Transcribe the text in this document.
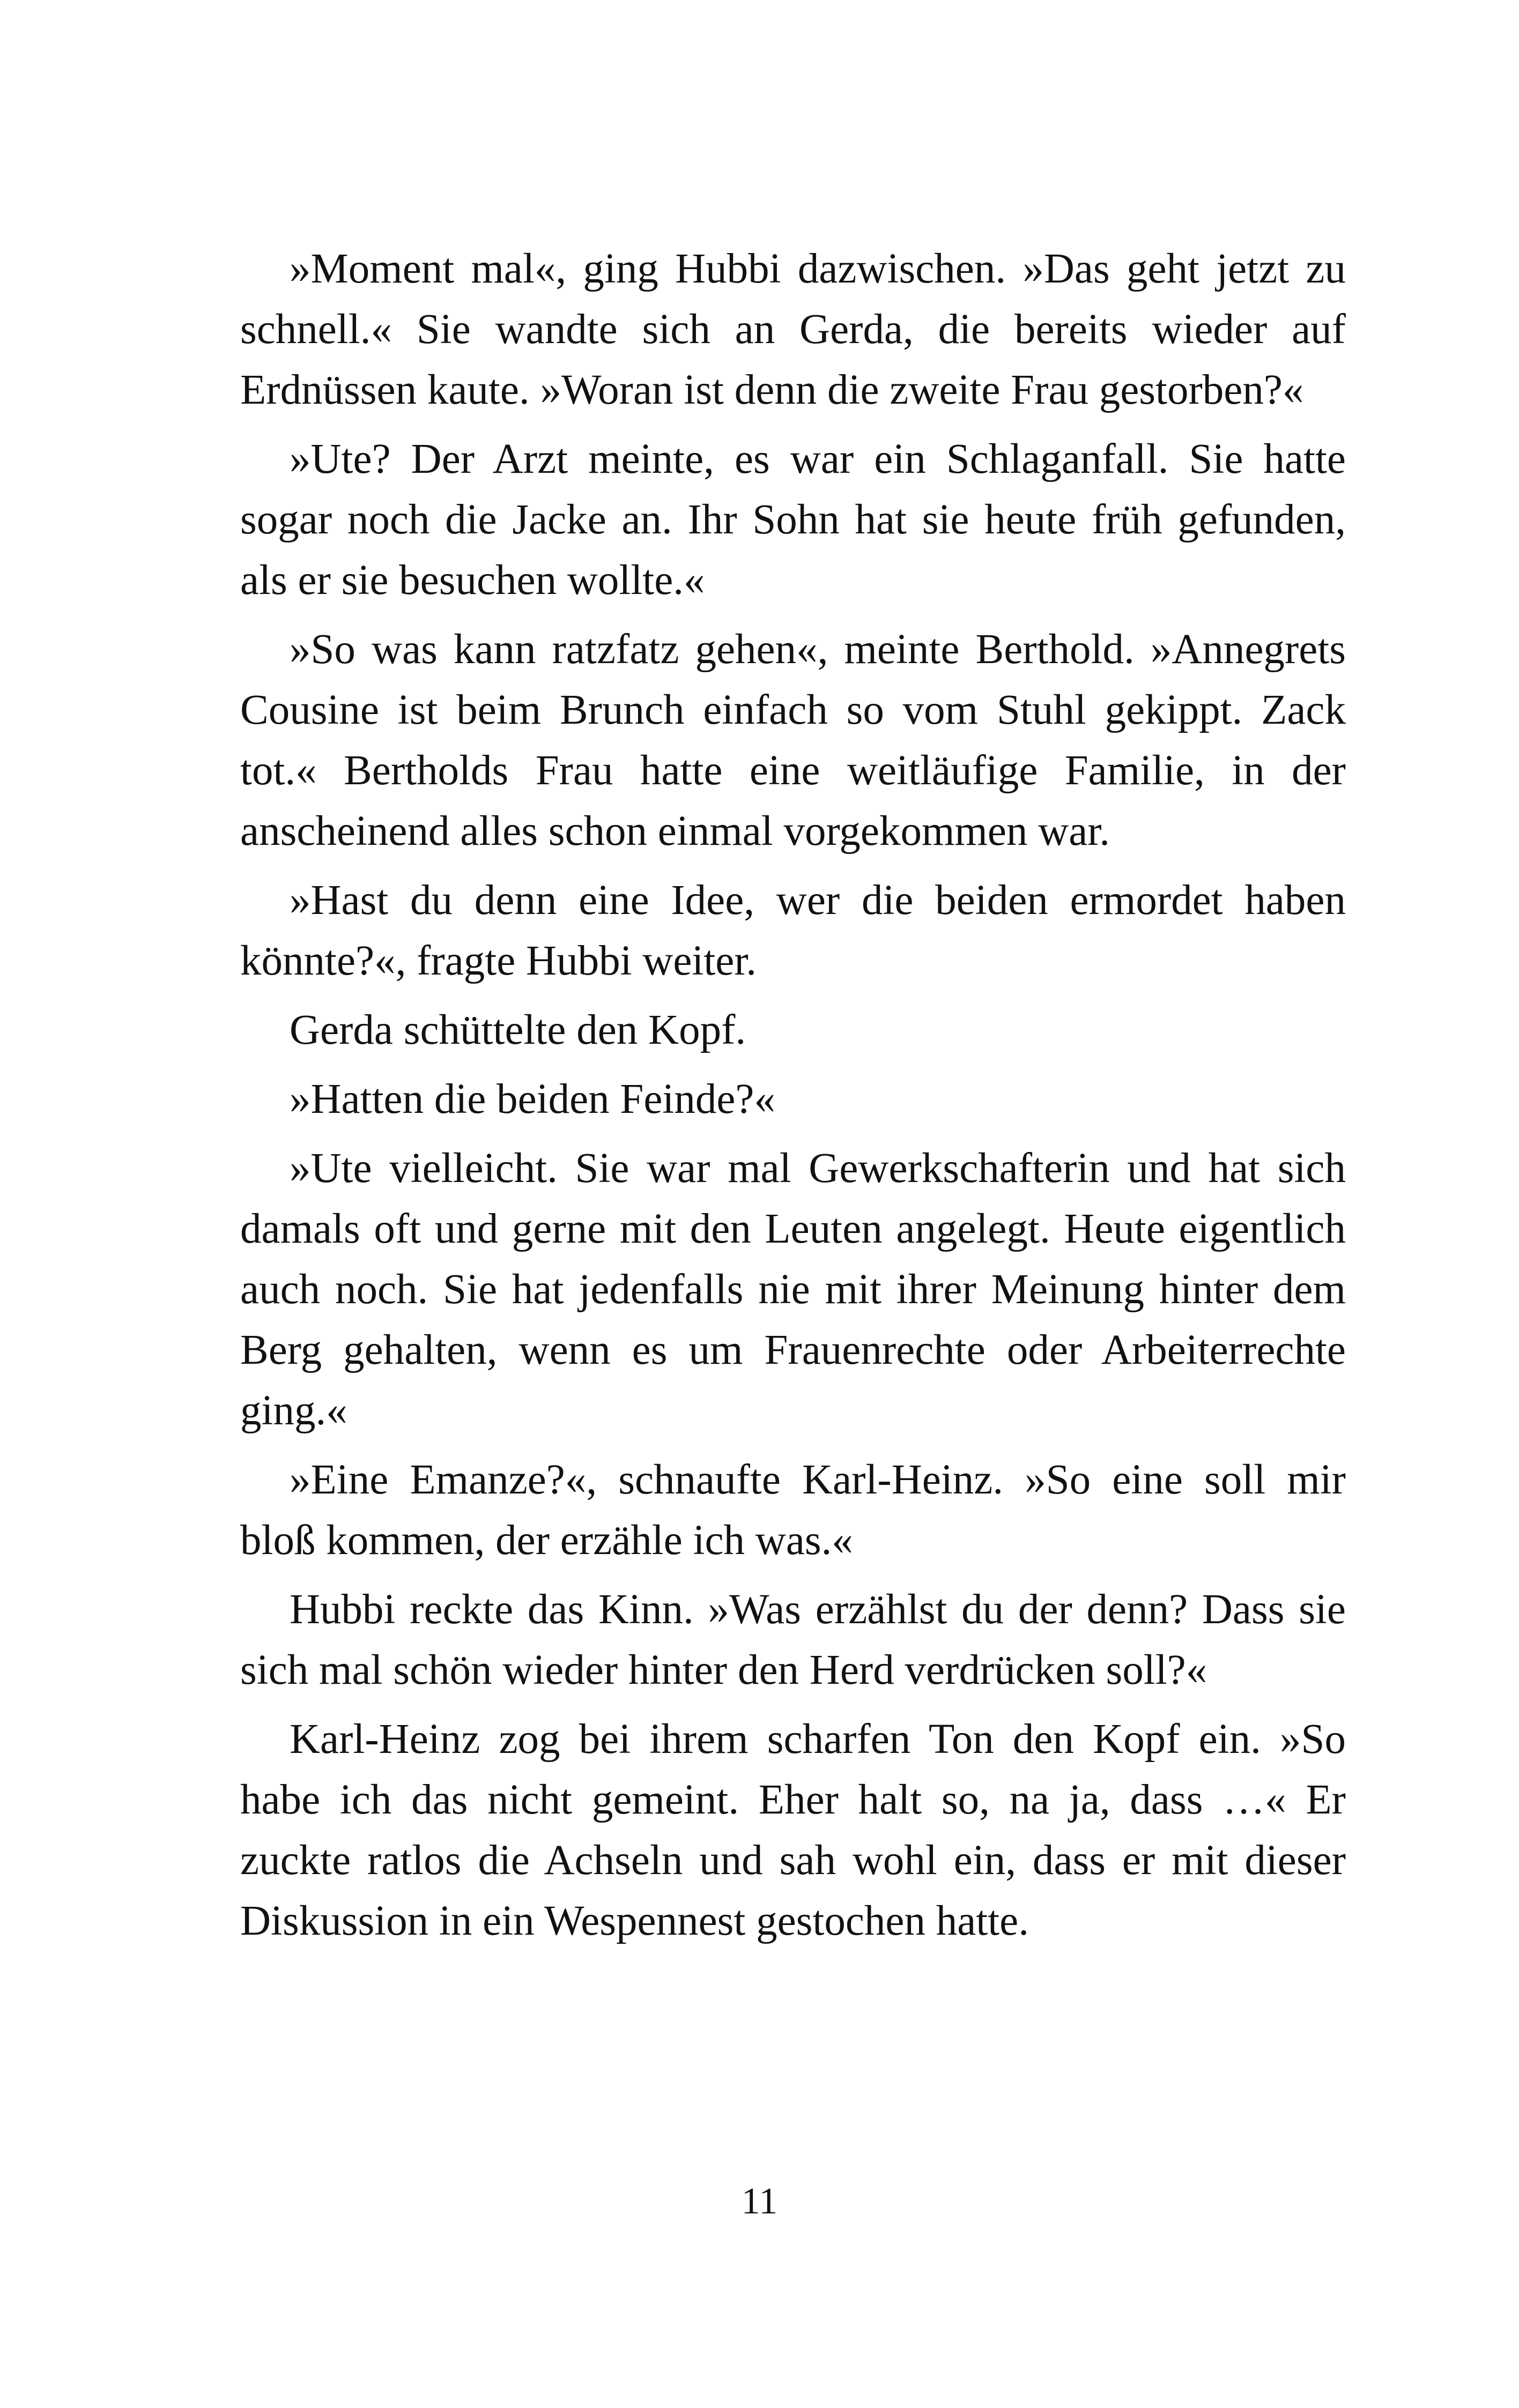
»Moment mal«, ging Hubbi dazwischen. »Das geht jetzt zu schnell.« Sie wandte sich an Gerda, die bereits wieder auf Erdnüssen kaute. »Woran ist denn die zweite Frau gestorben?«

»Ute? Der Arzt meinte, es war ein Schlaganfall. Sie hatte sogar noch die Jacke an. Ihr Sohn hat sie heute früh gefunden, als er sie besuchen wollte.«

»So was kann ratzfatz gehen«, meinte Berthold. »Annegrets Cousine ist beim Brunch einfach so vom Stuhl gekippt. Zack tot.« Bertholds Frau hatte eine weitläufige Familie, in der anscheinend alles schon einmal vorgekommen war.

»Hast du denn eine Idee, wer die beiden ermordet haben könnte?«, fragte Hubbi weiter.

Gerda schüttelte den Kopf.

»Hatten die beiden Feinde?«

»Ute vielleicht. Sie war mal Gewerkschafterin und hat sich damals oft und gerne mit den Leuten angelegt. Heute eigentlich auch noch. Sie hat jedenfalls nie mit ihrer Meinung hinter dem Berg gehalten, wenn es um Frauenrechte oder Arbeiterrechte ging.«

»Eine Emanze?«, schnaufte Karl-Heinz. »So eine soll mir bloß kommen, der erzähle ich was.«

Hubbi reckte das Kinn. »Was erzählst du der denn? Dass sie sich mal schön wieder hinter den Herd verdrücken soll?«

Karl-Heinz zog bei ihrem scharfen Ton den Kopf ein. »So habe ich das nicht gemeint. Eher halt so, na ja, dass …« Er zuckte ratlos die Achseln und sah wohl ein, dass er mit dieser Diskussion in ein Wespennest gestochen hatte.

11
